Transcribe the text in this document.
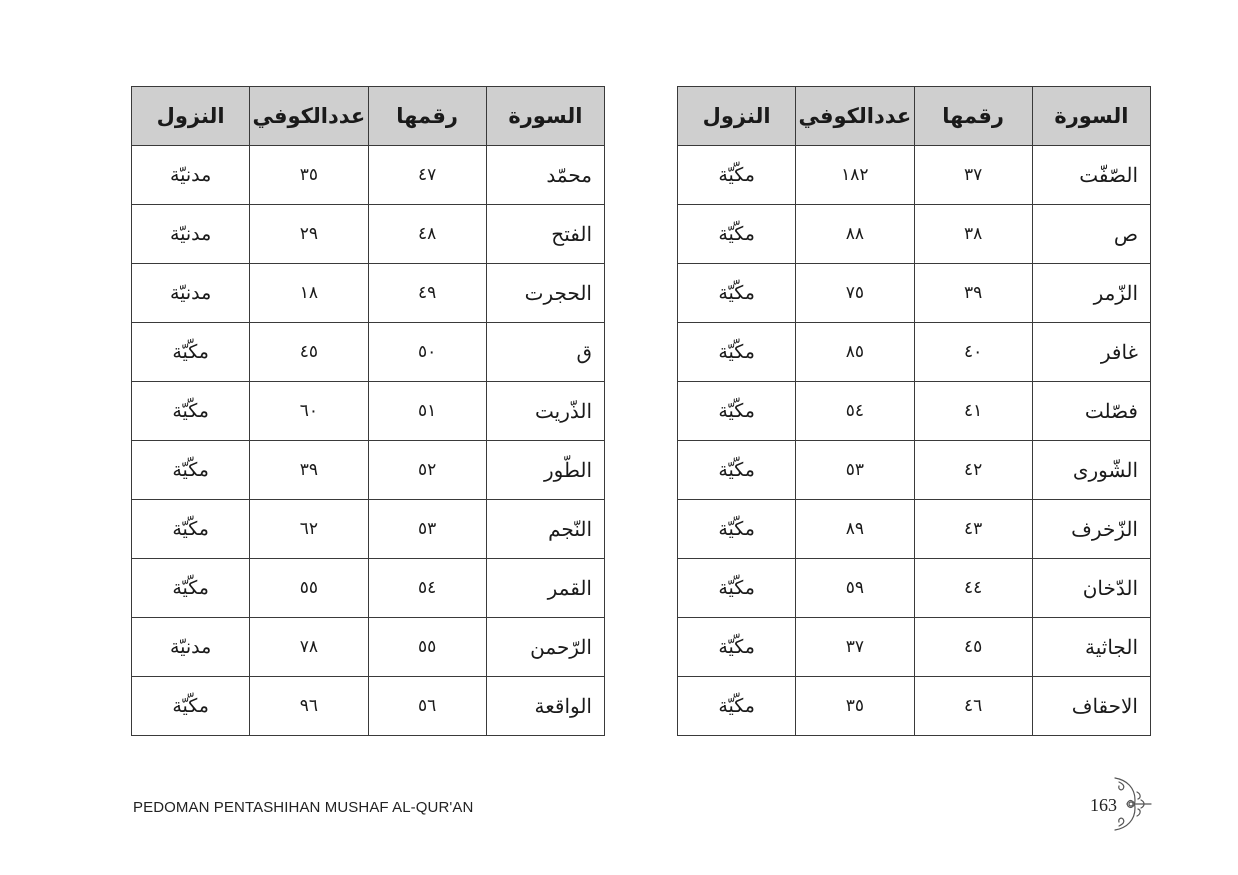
السورة	رقمها	عددالكوفي	النزول
محمّد	٤٧	٣٥	مدنيّة
الفتح	٤٨	٢٩	مدنيّة
الحجرت	٤٩	١٨	مدنيّة
ق	٥٠	٤٥	مكّيّة
الذّريت	٥١	٦٠	مكّيّة
الطّور	٥٢	٣٩	مكّيّة
النّجم	٥٣	٦٢	مكّيّة
القمر	٥٤	٥٥	مكّيّة
الرّحمن	٥٥	٧٨	مدنيّة
الواقعة	٥٦	٩٦	مكّيّة
السورة	رقمها	عددالكوفي	النزول
الصّفّت	٣٧	١٨٢	مكّيّة
ص	٣٨	٨٨	مكّيّة
الزّمر	٣٩	٧٥	مكّيّة
غافر	٤٠	٨٥	مكّيّة
فصّلت	٤١	٥٤	مكّيّة
الشّورى	٤٢	٥٣	مكّيّة
الزّخرف	٤٣	٨٩	مكّيّة
الدّخان	٤٤	٥٩	مكّيّة
الجاثية	٤٥	٣٧	مكّيّة
الاحقاف	٤٦	٣٥	مكّيّة
PEDOMAN PENTASHIHAN MUSHAF AL-QUR'AN	163
